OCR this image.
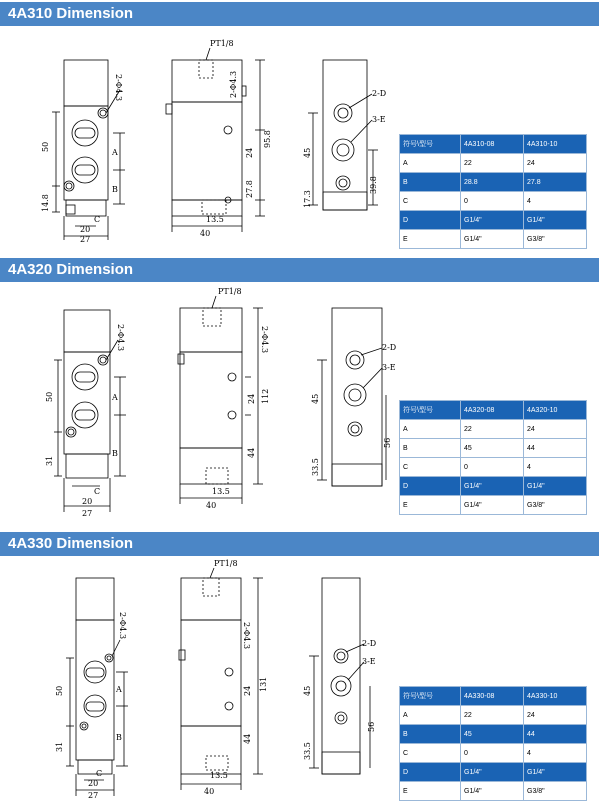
4A310 Dimension
50
14.8
2-Φ4.3
A
B
C
20
27
PT1/8
2-Φ4.3
24
95.8
27.8
13.5
40
2-D
3-E
45
39.8
17.3
符号\型号	4A310-08	4A310-10
A	22	24
B	28.8	27.8
C	0	4
D	G1/4"	G1/4"
E	G1/4"	G3/8"
4A320 Dimension
50
31
2-Φ4.3
A
B
C
20
27
PT1/8
2-Φ4.3
24 112
44
13.5
40
2-D
3-E
45
56
33.5
符号\型号	4A320-08	4A320-10
A	22	24
B	45	44
C	0	4
D	G1/4"	G1/4"
E	G1/4"	G3/8"
4A330 Dimension
50
31
2-Φ4.3
A
B
C
20
27
PT1/8
2-Φ4.3
24 131
44
13.5
40
2-D
3-E
45
56
33.5
符号\型号	4A330-08	4A330-10
A	22	24
B	45	44
C	0	4
D	G1/4"	G1/4"
E	G1/4"	G3/8"
